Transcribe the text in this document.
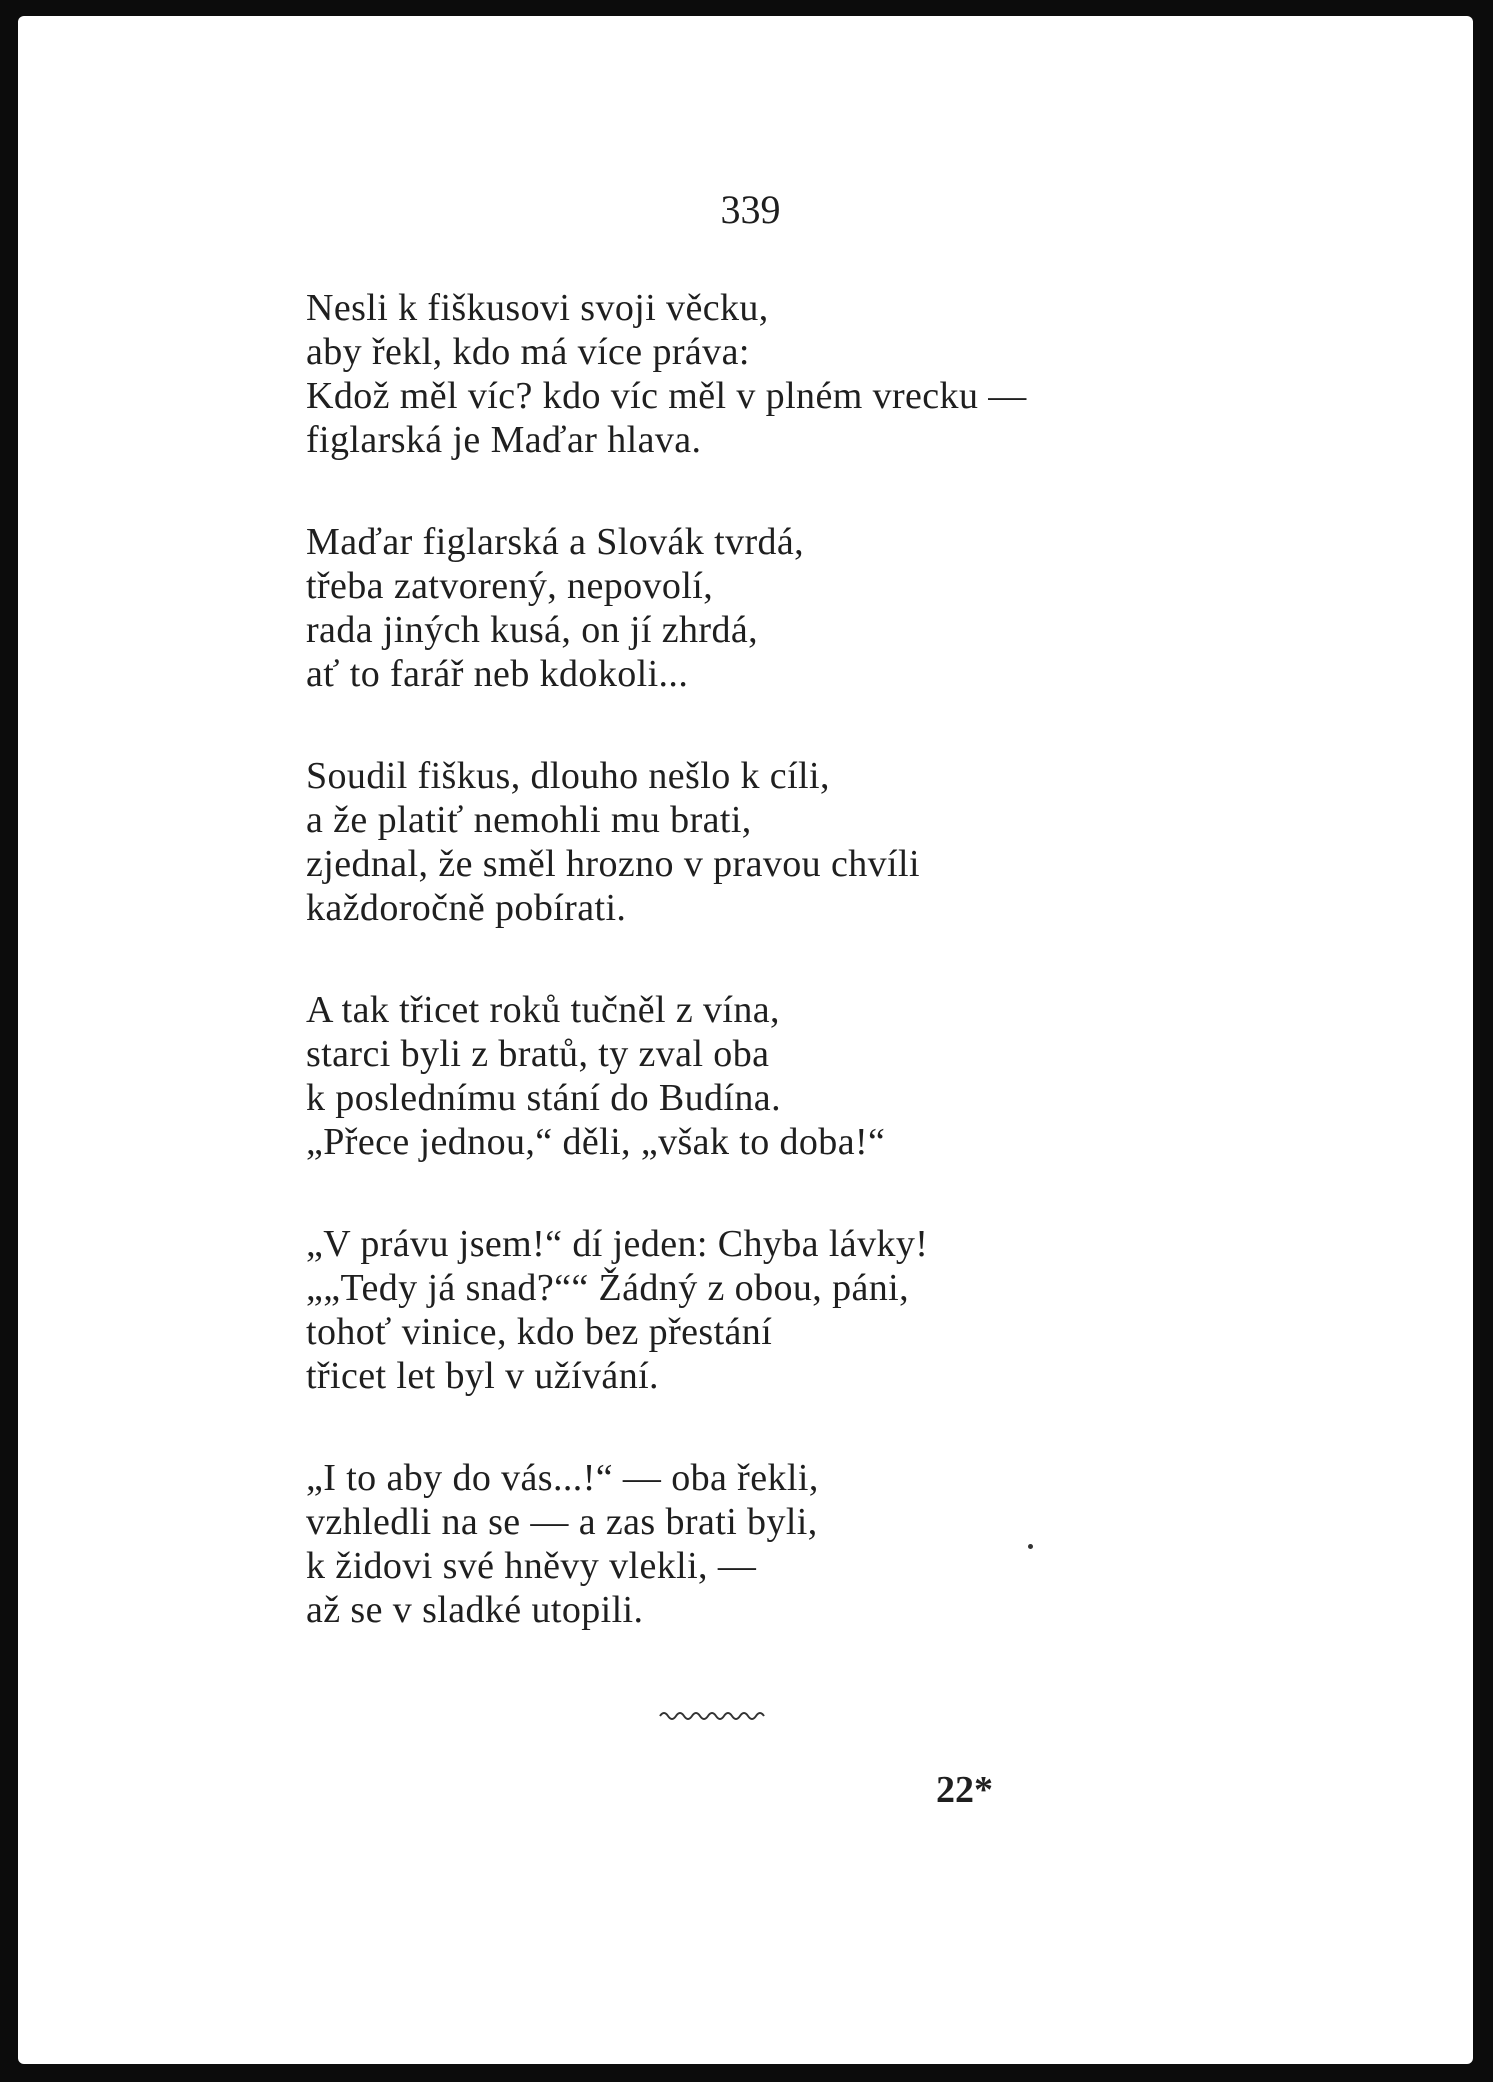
339
Nesli k fiškusovi svoji věcku,
aby řekl, kdo má více práva:
Kdož měl víc? kdo víc měl v plném vrecku —
figlarská je Maďar hlava.
Maďar figlarská a Slovák tvrdá,
třeba zatvorený, nepovolí,
rada jiných kusá, on jí zhrdá,
ať to farář neb kdokoli...
Soudil fiškus, dlouho nešlo k cíli,
a že platiť nemohli mu brati,
zjednal, že směl hrozno v pravou chvíli
každoročně pobírati.
A tak třicet roků tučněl z vína,
starci byli z bratů, ty zval oba
k poslednímu stání do Budína.
„Přece jednou,“ děli, „však to doba!“
„V právu jsem!“ dí jeden: Chyba lávky!
„„Tedy já snad?““ Žádný z obou, páni,
tohoť vinice, kdo bez přestání
třicet let byl v užívání.
„I to aby do vás...!“ — oba řekli,
vzhledli na se — a zas brati byli,
k židovi své hněvy vlekli, —
až se v sladké utopili.
22*
